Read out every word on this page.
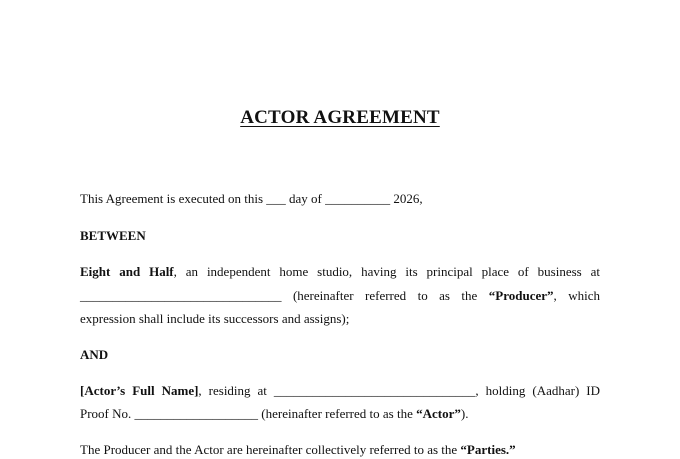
ACTOR AGREEMENT
This Agreement is executed on this ___ day of __________ 2026,
BETWEEN
Eight and Half, an independent home studio, having its principal place of business at
_______________________________ (hereinafter referred to as the “Producer”, which
expression shall include its successors and assigns);
AND
[Actor’s Full Name], residing at _______________________________, holding (Aadhar) ID
Proof No. ___________________ (hereinafter referred to as the “Actor”).
The Producer and the Actor are hereinafter collectively referred to as the “Parties.”
